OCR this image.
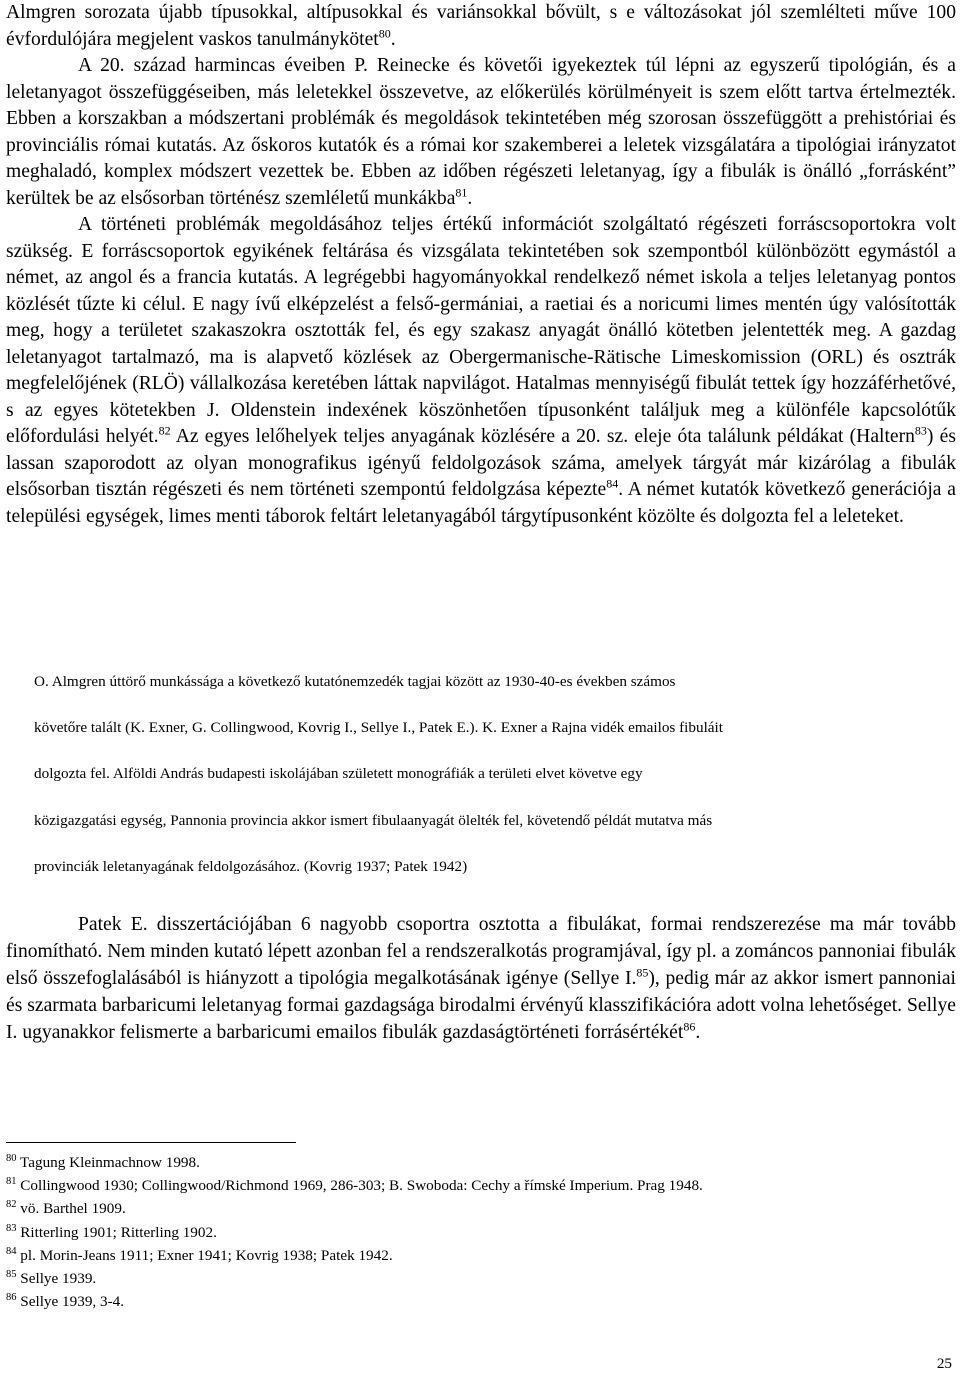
Almgren sorozata újabb típusokkal, altípusokkal és variánsokkal bővült, s e változásokat jól szemlélteti műve 100 évfordulójára megjelent vaskos tanulmánykötet$^{80}$.
A 20. század harmincas éveiben P. Reinecke és követői igyekeztek túl lépni az egyszerű tipológián, és a leletanyagot összefüggéseiben, más leletekkel összevetve, az előkerülés körülményeit is szem előtt tartva értelmezték. Ebben a korszakban a módszertani problémák és megoldások tekintetében még szorosan összefüggött a prehistóriai és provinciális római kutatás. Az őskoros kutatók és a római kor szakemberei a leletek vizsgálatára a tipológiai irányzatot meghaladó, komplex módszert vezettek be. Ebben az időben régészeti leletanyag, így a fibulák is önálló „forrásként” kerültek be az elsősorban történész szemléletű munkákba$^{81}$.
A történeti problémák megoldásához teljes értékű információt szolgáltató régészeti forráscsoportokra volt szükség. E forráscsoportok egyikének feltárása és vizsgálata tekintetében sok szempontból különbözött egymástól a német, az angol és a francia kutatás. A legrégebbi hagyományokkal rendelkező német iskola a teljes leletanyag pontos közlését tűzte ki célul. E nagy ívű elképzelést a felső-germániai, a raetiai és a noricumi limes mentén úgy valósították meg, hogy a területet szakaszokra osztották fel, és egy szakasz anyagát önálló kötetben jelentették meg. A gazdag leletanyagot tartalmazó, ma is alapvető közlések az Obergermanische-Rätische Limeskomission (ORL) és osztrák megfelelőjének (RLÖ) vállalkozása keretében láttak napvilágot. Hatalmas mennyiségű fibulát tettek így hozzáférhetővé, s az egyes kötetekben J. Oldenstein indexének köszönhetően típusonként találjuk meg a különféle kapcsolótűk előfordulási helyét.$^{82}$ Az egyes lelőhelyek teljes anyagának közlésére a 20. sz. eleje óta találunk példákat (Haltern$^{83}$) és lassan szaporodott az olyan monografikus igényű feldolgozások száma, amelyek tárgyát már kizárólag a fibulák elsősorban tisztán régészeti és nem történeti szempontú feldolgzása képezte$^{84}$. A német kutatók következő generációja a települési egységek, limes menti táborok feltárt leletanyagából tárgytípusonként közölte és dolgozta fel a leleteket.

O. Almgren úttörő munkássága a következő kutatónemzedék tagjai között az 1930-40-es években számos

követőre talált (K. Exner, G. Collingwood, Kovrig I., Sellye I., Patek E.). K. Exner a Rajna vidék emailos fibuláit

dolgozta fel. Alföldi András budapesti iskolájában született monográfiák a területi elvet követve egy

közigazgatási egység, Pannonia provincia akkor ismert fibulaanyagát ölelték fel, követendő példát mutatva más

provinciák leletanyagának feldolgozásához. (Kovrig 1937; Patek 1942)

Patek E. disszertációjában 6 nagyobb csoportra osztotta a fibulákat, formai rendszerezése ma már tovább finomítható. Nem minden kutató lépett azonban fel a rendszeralkotás programjával, így pl. a zománcos pannoniai fibulák első összefoglalásából is hiányzott a tipológia megalkotásának igénye (Sellye I.$^{85}$), pedig már az akkor ismert pannoniai és szarmata barbaricumi leletanyag formai gazdagsága birodalmi érvényű klasszifikációra adott volna lehetőséget. Sellye I. ugyanakkor felismerte a barbaricumi emailos fibulák gazdaságtörténeti forrásértékét$^{86}$.

$^{80}$ Tagung Kleinmachnow 1998.
$^{81}$ Collingwood 1930; Collingwood/Richmond 1969, 286-303; B. Swoboda: Cechy a římské Imperium. Prag 1948.
$^{82}$ vö. Barthel 1909.
$^{83}$ Ritterling 1901; Ritterling 1902.
$^{84}$ pl. Morin-Jeans 1911; Exner 1941; Kovrig 1938; Patek 1942.
$^{85}$ Sellye 1939.
$^{86}$ Sellye 1939, 3-4.
25
